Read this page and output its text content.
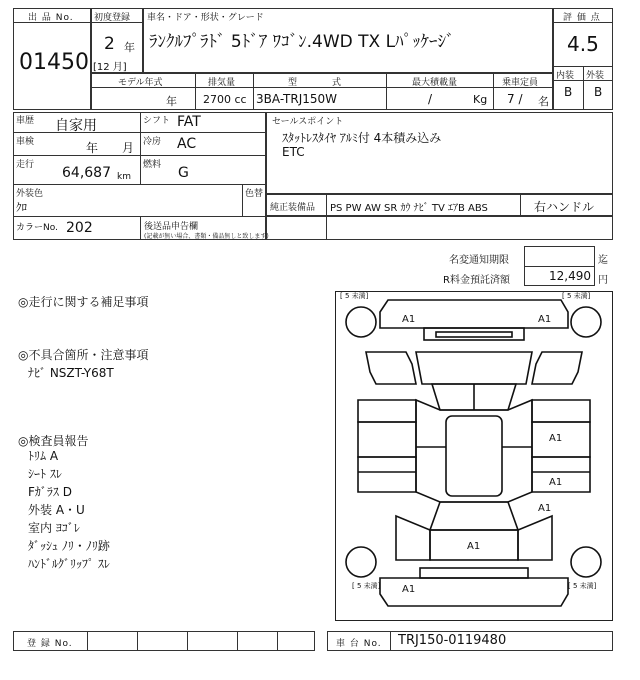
出 品 No.
01450
初度登録
2 年
[12 月]
車名・ドア・形状・グレード
ﾗﾝｸﾙﾌﾟﾗﾄﾞ 5ﾄﾞｱ ﾜｺﾞﾝ.4WD TX Lﾊﾟｯｹｰｼﾞ
評 価 点
4.5
内装 外装
B B
モデル年式
年
排気量
2700 cc
型　　　式
3BA-TRJ150W
最大積載量
/	Kg
乗車定員
7 / 名
車歴 自家用	シフト FAT
車検	年 月 冷房 AC
走行 64,687 km
燃料 G
外装色
ｸﾛ
色替
カラーNo. 202	後送品申告欄
(記載が無い場合、書類・備品無しと致します)
セールスポイント
ｽﾀｯﾄﾚｽﾀｲﾔ ｱﾙﾐ付 4本積み込み
ETC
純正装備品 PS PW AW SR ｶｳ ﾅﾋﾞ TV ｴｱB ABS	右ハンドル
名変通知期限	迄
R料金預託済額	12,490 円
◎走行に関する補足事項
◎不具合箇所・注意事項
ﾅﾋﾞ NSZT-Y68T
◎検査員報告
ﾄﾘﾑ A
ｼｰﾄ ｽﾚ
Fｶﾞﾗｽ D
外装 A・U
室内 ﾖｺﾞﾚ
ﾀﾞｯｼｭ ﾉﾘ・ﾉﾘ跡
ﾊﾝﾄﾞﾙｸﾞﾘｯﾌﾟ ｽﾚ
[ 5 未満]	[ 5 未満]
[ 5 未満]	[ 5 未満]
A1	A1
A1
A1
A1
A1
A1
登 録 No.	車 台 No. TRJ150-0119480
